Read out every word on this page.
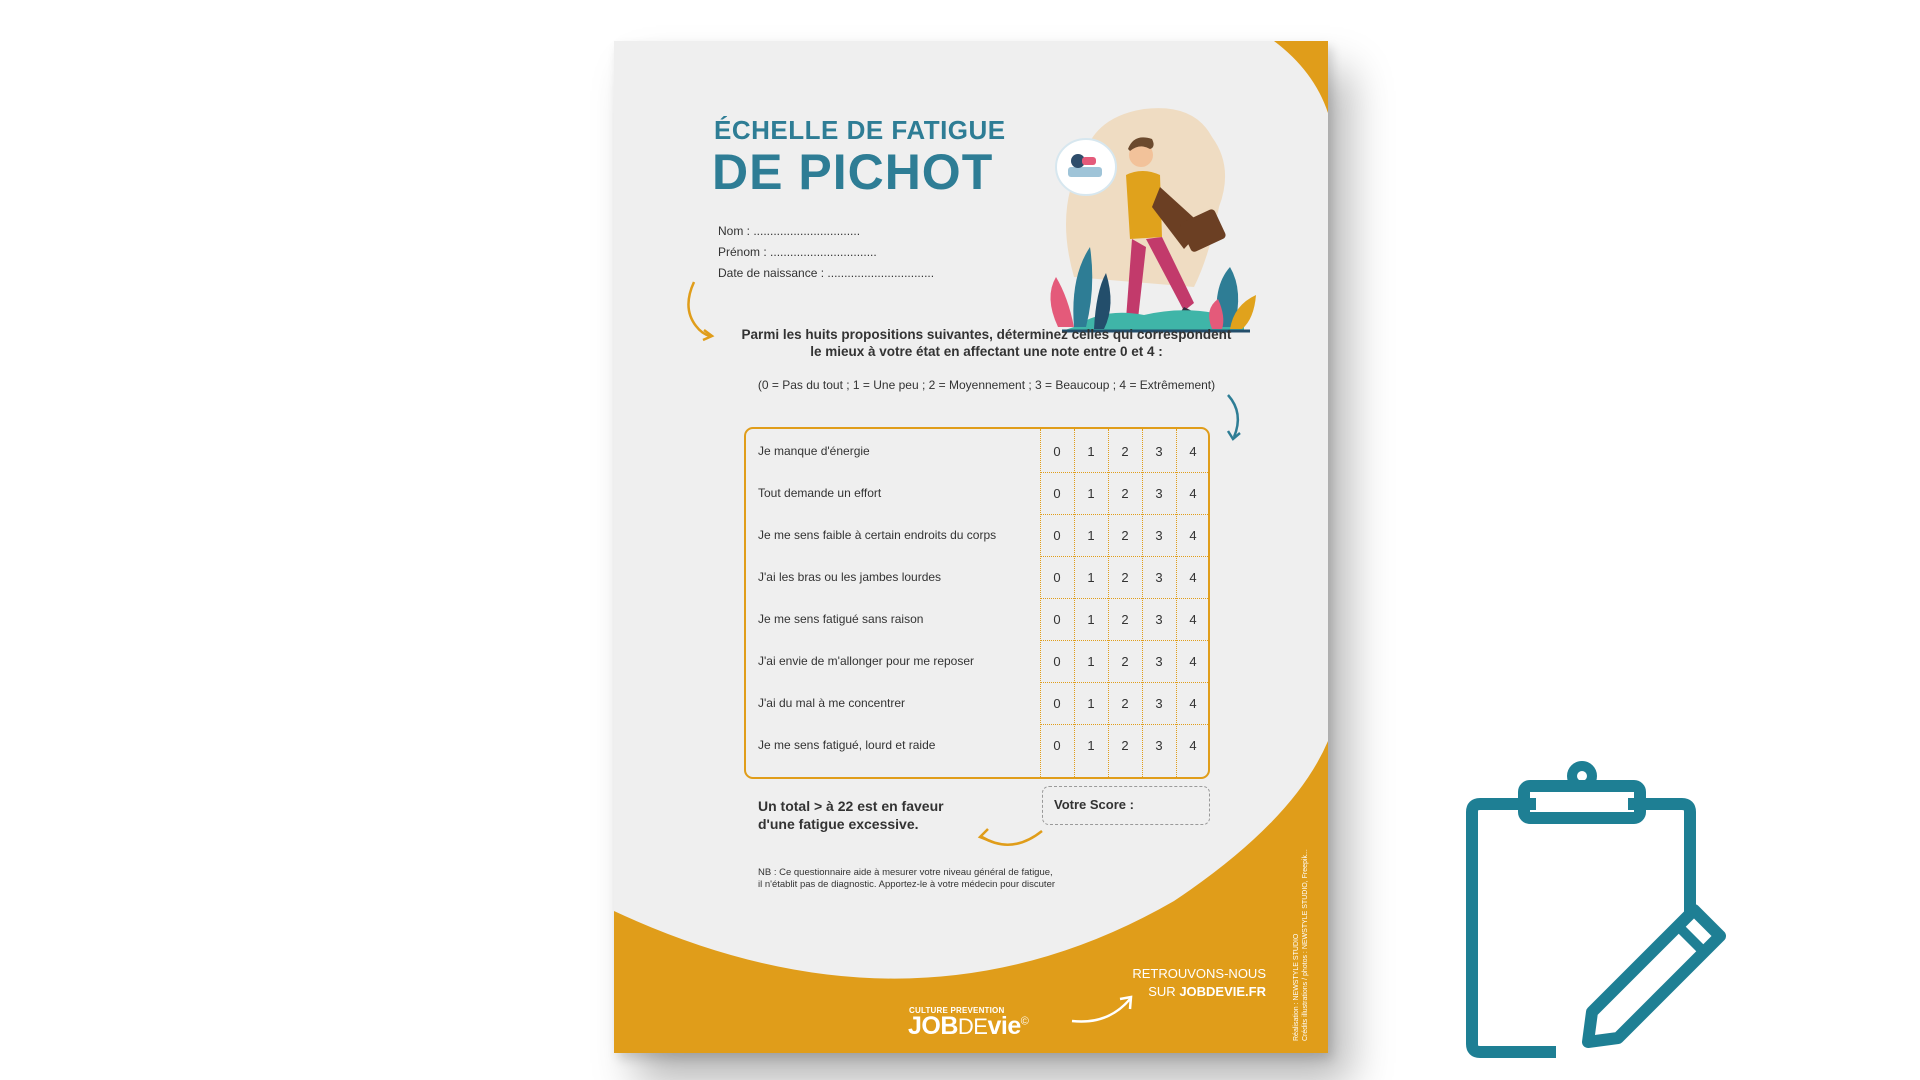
ÉCHELLE DE FATIGUE
DE PICHOT
Nom : ................................
Prénom : ................................
Date de naissance : ................................
Parmi les huits propositions suivantes, déterminez celles qui correspondent
le mieux à votre état en affectant une note entre 0 et 4 :
(0 = Pas du tout ; 1 = Une peu ; 2 = Moyennement ; 3 = Beaucoup ; 4 = Extrêmement)
Je manque d'énergie	0	1	2	3	4
Tout demande un effort	0	1	2	3	4
Je me sens faible à certain endroits du corps	0	1	2	3	4
J'ai les bras ou les jambes lourdes	0	1	2	3	4
Je me sens fatigué sans raison	0	1	2	3	4
J'ai envie de m'allonger pour me reposer	0	1	2	3	4
J'ai du mal à me concentrer	0	1	2	3	4
Je me sens fatigué, lourd et raide	0	1	2	3	4
Un total > à 22 est en faveur
d'une fatigue excessive.
Votre Score :
NB : Ce questionnaire aide à mesurer votre niveau général de fatigue,
il n'établit pas de diagnostic. Apportez-le à votre médecin pour discuter
RETROUVONS-NOUS
SUR JOBDEVIE.FR
CULTURE PREVENTION
JOBDEvie©	Réalisation : NEWSTYLE STUDIO Crédits illustrations / photos : NEWSTYLE STUDIO, Freepik...
